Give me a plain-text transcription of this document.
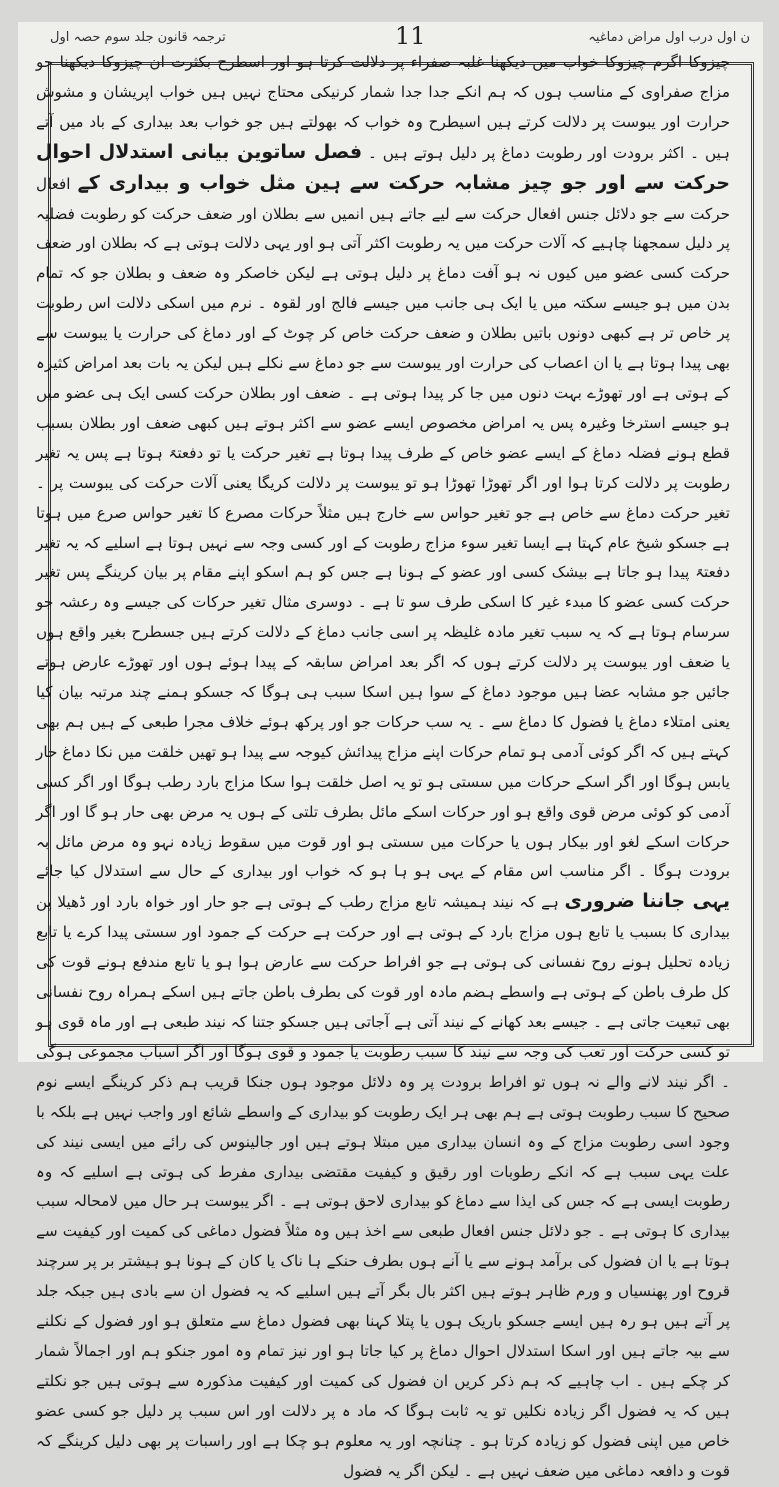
ن اول درب اول مراض دماغیہ
11
ترجمہ قانون جلد سوم حصہ اول

چیزوکا اگرم چیزوکا خواب میں دیکھنا غلبہ صفراء پر دلالت کرتا ہو اور اسطرح بکثرت ان چیزوکا دیکھنا جو مزاج صفراوی کے مناسب ہوں کہ ہم انکے جدا جدا شمار کرنیکی محتاج نہیں ہیں خواب اپریشان و مشوش حرارت اور یبوست پر دلالت کرتے ہیں اسیطرح وہ خواب کہ بھولتے ہیں جو خواب بعد بیداری کے باد میں آتے ہیں ۔ اکثر برودت اور رطوبت دماغ پر دلیل ہوتے ہیں ۔ فصل ساتوین بیانی استدلال احوال حرکت سے اور جو چیز مشابہ حرکت سے ہین مثل خواب و بیداری کے افعال حرکت سے جو دلائل جنس افعال حرکت سے لیے جاتے ہیں انمیں سے بطلان اور ضعف حرکت کو رطوبت فضلیہ پر دلیل سمجھنا چاہیے کہ آلات حرکت میں یہ رطوبت اکثر آتی ہو اور یہی دلالت ہوتی ہے کہ بطلان اور ضعف حرکت کسی عضو میں کیوں نہ ہو آفت دماغ پر دلیل ہوتی ہے لیکن خاصکر وہ ضعف و بطلان جو کہ تمام بدن میں ہو جیسے سکتہ میں یا ایک ہی جانب میں جیسے فالج اور لقوہ ۔ نرم میں اسکی دلالت اس رطوبت پر خاص تر ہے کبھی دونوں باتیں بطلان و ضعف حرکت خاص کر چوٹ کے اور دماغ کی حرارت یا یبوست سے بھی پیدا ہوتا ہے یا ان اعصاب کی حرارت اور یبوست سے جو دماغ سے نکلے ہیں لیکن یہ بات بعد امراض کثیرہ کے ہوتی ہے اور تھوڑے بہت دنوں میں جا کر پیدا ہوتی ہے ۔ ضعف اور بطلان حرکت کسی ایک ہی عضو میں ہو جیسے استرخا وغیرہ پس یہ امراض مخصوص ایسے عضو سے اکثر ہوتے ہیں کبھی ضعف اور بطلان بسبب قطع ہونے فضلہ دماغ کے ایسے عضو خاص کے طرف پیدا ہوتا ہے تغیر حرکت یا تو دفعتہً ہوتا ہے پس یہ تغیر رطوبت پر دلالت کرتا ہوا اور اگر تھوڑا تھوڑا ہو تو یبوست پر دلالت کریگا یعنی آلات حرکت کی یبوست پر ۔ تغیر حرکت دماغ سے خاص ہے جو تغیر حواس سے خارج ہیں مثلاً حرکات مصرع کا تغیر حواس صرع میں ہوتا ہے جسکو شیخ عام کہتا ہے ایسا تغیر سوء مزاج رطوبت کے اور کسی وجہ سے نہیں ہوتا ہے اسلیے کہ یہ تغیر دفعتہً پیدا ہو جاتا ہے بیشک کسی اور عضو کے ہونا ہے جس کو ہم اسکو اپنے مقام پر بیان کرینگے پس تغیر حرکت کسی عضو کا مبدء غیر کا اسکی طرف سو تا ہے ۔ دوسری مثال تغیر حرکات کی جیسے وہ رعشہ جو سرسام ہوتا ہے کہ یہ سبب تغیر مادہ غلیظہ پر اسی جانب دماغ کے دلالت کرتے ہیں جسطرح بغیر واقع ہوں یا ضعف اور یبوست پر دلالت کرتے ہوں کہ اگر بعد امراض سابقہ کے پیدا ہوئے ہوں اور تھوڑے عارض ہوتے جائیں جو مشابہ عضا ہیں موجود دماغ کے سوا ہیں اسکا سبب ہی ہوگا کہ جسکو ہمنے چند مرتبہ بیان کیا یعنی امتلاء دماغ یا فضول کا دماغ سے ۔ یہ سب حرکات جو اور پرکھ ہوئے خلاف مجرا طبعی کے ہیں ہم بھی کہتے ہیں کہ اگر کوئی آدمی ہو تمام حرکات اپنے مزاج پیدائش کیوجہ سے پیدا ہو تھیں خلقت میں نکا دماغ حار یابس ہوگا اور اگر اسکے حرکات میں سستی ہو تو یہ اصل خلقت ہوا سکا مزاج بارد رطب ہوگا اور اگر کسی آدمی کو کوئی مرض قوی واقع ہو اور حرکات اسکے مائل بطرف تلتی کے ہوں یہ مرض بھی حار ہو گا اور اگر حرکات اسکے لغو اور بیکار ہوں یا حرکات میں سستی ہو اور قوت میں سقوط زیادہ نہو وہ مرض مائل بہ برودت ہوگا ۔ اگر مناسب اس مقام کے یہی ہو ہا ہو کہ خواب اور بیداری کے حال سے استدلال کیا جائے یہی جاننا ضروری ہے کہ نیند ہمیشہ تابع مزاج رطب کے ہوتی ہے جو حار اور خواہ بارد اور ڈھیلا پن بیداری کا بسبب یا تابع ہوں مزاج بارد کے ہوتی ہے اور حرکت ہے حرکت کے جمود اور سستی پیدا کرے یا تابع زیادہ تحلیل ہونے روح نفسانی کی ہوتی ہے جو افراط حرکت سے عارض ہوا ہو یا تابع مندفع ہونے قوت کی کل طرف باطن کے ہوتی ہے واسطے ہضم مادہ اور قوت کی بطرف باطن جاتے ہیں اسکے ہمراہ روح نفسانی بھی تبعیت جاتی ہے ۔ جیسے بعد کھانے کے نیند آتی ہے آجاتی ہیں جسکو جتنا کہ نیند طبعی ہے اور ماہ قوی ہو تو کسی حرکت اور تعب کی وجہ سے نیند کا سبب رطوبت یا جمود و قوی ہوگا اور اگر اسباب مجموعی ہوگی ۔ اگر نیند لانے والے نہ ہوں تو افراط برودت پر وہ دلائل موجود ہوں جنکا قریب ہم ذکر کرینگے ایسے نوم صحیح کا سبب رطوبت ہوتی ہے ہم بھی ہر ایک رطوبت کو بیداری کے واسطے شائع اور واجب نہیں ہے بلکہ با وجود اسی رطوبت مزاج کے وہ انسان بیداری میں مبتلا ہوتے ہیں اور جالینوس کی رائے میں ایسی نیند کی علت یہی سبب ہے کہ انکے رطوبات اور رقیق و کیفیت مقتضی بیداری مفرط کی ہوتی ہے اسلیے کہ وہ رطوبت ایسی ہے کہ جس کی ایذا سے دماغ کو بیداری لاحق ہوتی ہے ۔ اگر یبوست ہر حال میں لامحالہ سبب بیداری کا ہوتی ہے ۔ جو دلائل جنس افعال طبعی سے اخذ ہیں وہ مثلاً فضول دماغی کی کمیت اور کیفیت سے ہوتا ہے یا ان فضول کی برآمد ہونے سے یا آنے ہوں بطرف حنکے ہا ناک یا کان کے ہونا ہو ہیشتر بر پر سرچند قروح اور پھنسیاں و ورم ظاہر ہوتے ہیں اکثر بال بگر آتے ہیں اسلیے کہ یہ فضول ان سے بادی ہیں جبکہ جلد پر آتے ہیں ہو رہ ہیں ایسے جسکو باریک ہوں یا پتلا کہنا بھی فضول دماغ سے متعلق ہو اور فضول کے نکلنے سے بیہ جاتے ہیں اور اسکا استدلال احوال دماغ پر کیا جاتا ہو اور نیز تمام وہ امور جنکو ہم اور اجمالاً شمار کر چکے ہیں ۔ اب چاہیے کہ ہم ذکر کریں ان فضول کی کمیت اور کیفیت مذکورہ سے ہوتی ہیں جو نکلتے ہیں کہ یہ فضول اگر زیادہ نکلیں تو یہ ثابت ہوگا کہ ماد ہ پر دلالت اور اس سبب پر دلیل جو کسی عضو خاص میں اپنی فضول کو زیادہ کرتا ہو ۔ چنانچہ اور یہ معلوم ہو چکا ہے اور راسبات پر بھی دلیل کرینگے کہ قوت و دافعہ دماغی میں ضعف نہیں ہے ۔ لیکن اگر یہ فضول
